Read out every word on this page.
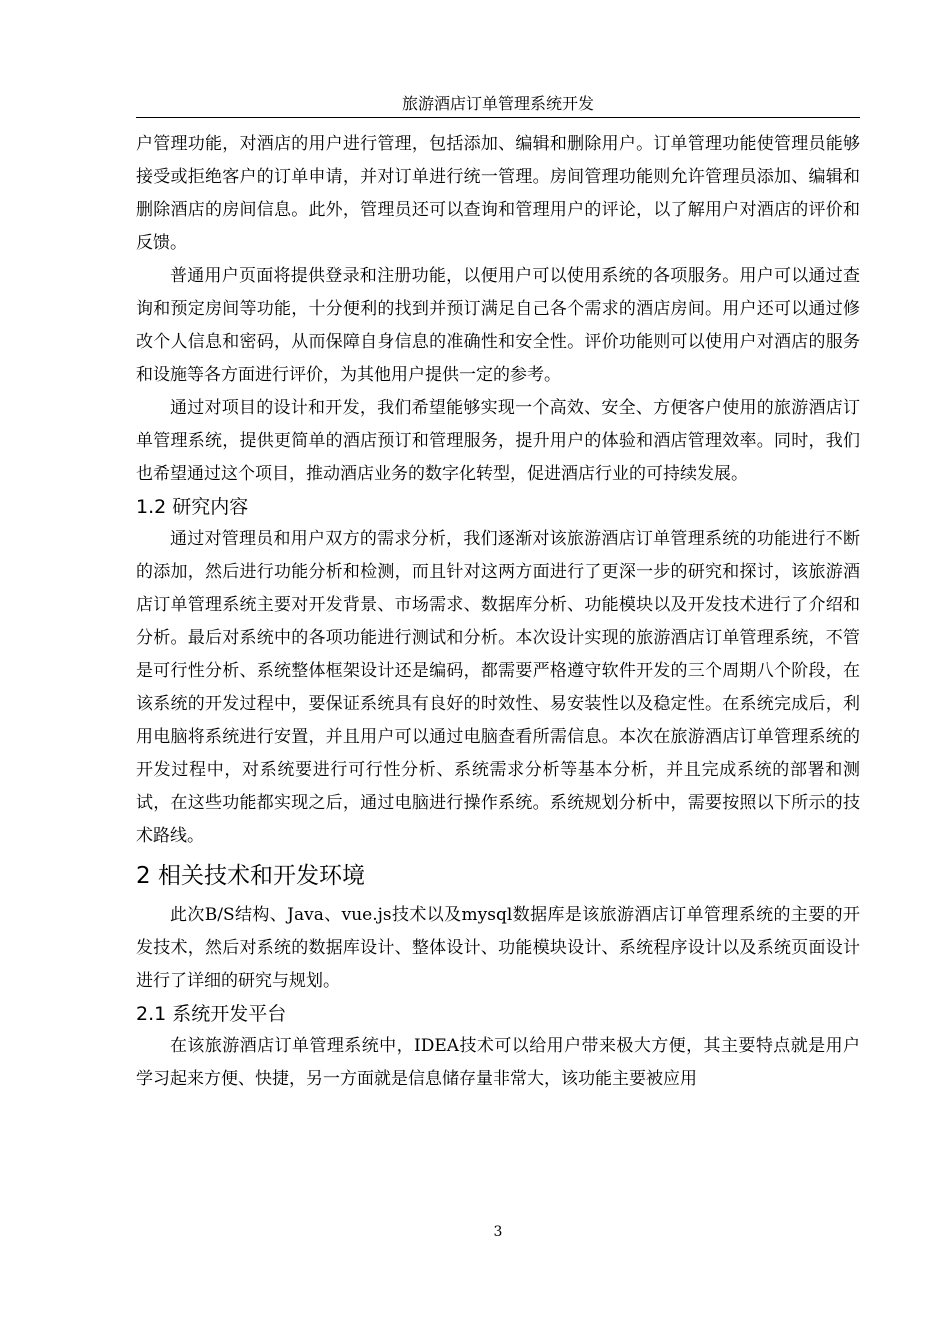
旅游酒店订单管理系统开发

户管理功能，对酒店的用户进行管理，包括添加、编辑和删除用户。订单管理功能使管理员能够接受或拒绝客户的订单申请，并对订单进行统一管理。房间管理功能则允许管理员添加、编辑和删除酒店的房间信息。此外，管理员还可以查询和管理用户的评论，以了解用户对酒店的评价和反馈。

普通用户页面将提供登录和注册功能，以便用户可以使用系统的各项服务。用户可以通过查询和预定房间等功能，十分便利的找到并预订满足自己各个需求的酒店房间。用户还可以通过修改个人信息和密码，从而保障自身信息的准确性和安全性。评价功能则可以使用户对酒店的服务和设施等各方面进行评价，为其他用户提供一定的参考。

通过对项目的设计和开发，我们希望能够实现一个高效、安全、方便客户使用的旅游酒店订单管理系统，提供更简单的酒店预订和管理服务，提升用户的体验和酒店管理效率。同时，我们也希望通过这个项目，推动酒店业务的数字化转型，促进酒店行业的可持续发展。

1.2 研究内容

通过对管理员和用户双方的需求分析，我们逐渐对该旅游酒店订单管理系统的功能进行不断的添加，然后进行功能分析和检测，而且针对这两方面进行了更深一步的研究和探讨，该旅游酒店订单管理系统主要对开发背景、市场需求、数据库分析、功能模块以及开发技术进行了介绍和分析。最后对系统中的各项功能进行测试和分析。本次设计实现的旅游酒店订单管理系统，不管是可行性分析、系统整体框架设计还是编码，都需要严格遵守软件开发的三个周期八个阶段，在该系统的开发过程中，要保证系统具有良好的时效性、易安装性以及稳定性。在系统完成后，利用电脑将系统进行安置，并且用户可以通过电脑查看所需信息。本次在旅游酒店订单管理系统的开发过程中，对系统要进行可行性分析、系统需求分析等基本分析，并且完成系统的部署和测试，在这些功能都实现之后，通过电脑进行操作系统。系统规划分析中，需要按照以下所示的技术路线。

2 相关技术和开发环境

此次B/S结构、Java、vue.js技术以及mysql数据库是该旅游酒店订单管理系统的主要的开发技术，然后对系统的数据库设计、整体设计、功能模块设计、系统程序设计以及系统页面设计进行了详细的研究与规划。

2.1 系统开发平台

在该旅游酒店订单管理系统中，IDEA技术可以给用户带来极大方便，其主要特点就是用户学习起来方便、快捷，另一方面就是信息储存量非常大，该功能主要被应用

3
